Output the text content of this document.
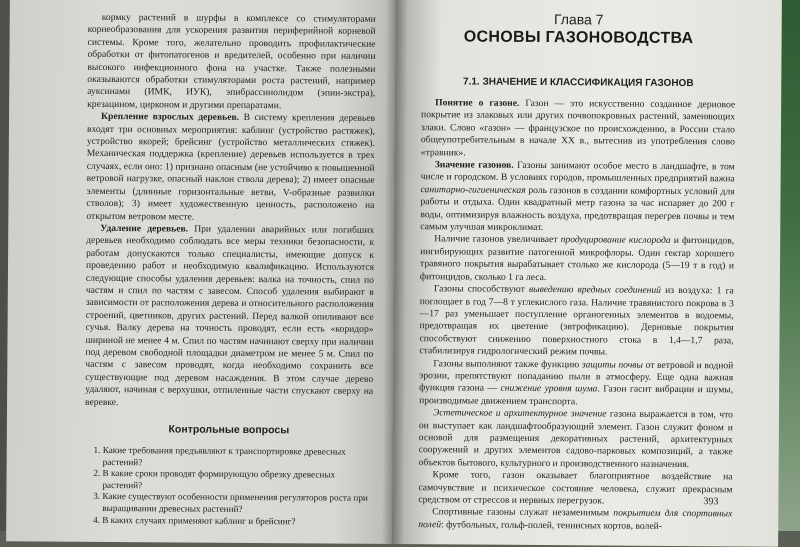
кормку растений в шурфы в комплексе со стимуляторами корнеобразования для ускорения развития периферийной корневой системы. Кроме того, желательно проводить профилактические обработки от фитопатогенов и вредителей, особенно при наличии высокого инфекционного фона на участке. Также полезными оказываются обработки стимуляторами роста растений, например ауксинами (ИМК, ИУК), эпибрассинолидом (эпин-экстра), крезацином, цирконом и другими препаратами.

Крепление взрослых деревьев. В систему крепления деревьев входят три основных мероприятия: каблинг (устройство растяжек), устройство якорей; брейсинг (устройство металлических стяжек). Механическая поддержка (крепление) деревьев используется в трех случаях, если оно: 1) признано опасным (не устойчиво к повышенной ветровой нагрузке, опасный наклон ствола дерева); 2) имеет опасные элементы (длинные горизонтальные ветви, V-образные развилки стволов); 3) имеет художественную ценность, расположено на открытом ветровом месте.

Удаление деревьев. При удалении аварийных или погибших деревьев необходимо соблюдать все меры техники безопасности, к работам допускаются только специалисты, имеющие допуск к проведению работ и необходимую квалификацию. Используются следующие способы удаления деревьев: валка на точность, спил по частям и спил по частям с завесом. Способ удаления выбирают в зависимости от расположения дерева и относительного расположения строений, цветников, других растений. Перед валкой опиливают все сучья. Валку дерева на точность проводят, если есть «коридор» шириной не менее 4 м. Спил по частям начинают сверху при наличии под деревом свободной площадки диаметром не менее 5 м. Спил по частям с завесом проводят, когда необходимо сохранить все существующие под деревом насаждения. В этом случае дерево удаляют, начиная с верхушки, отпиленные части спускают сверху на веревке.

Контрольные вопросы
1. Какие требования предъявляют к транспортировке древесных растений?
2. В какие сроки проводят формирующую обрезку древесных растений?
3. Какие существуют особенности применения регуляторов роста при выращивании древесных растений?
4. В каких случаях применяют каблинг и брейсинг?
Глава 7
ОСНОВЫ ГАЗОНОВОДСТВА
7.1. ЗНАЧЕНИЕ И КЛАССИФИКАЦИЯ ГАЗОНОВ

Понятие о газоне. Газон — это искусственно созданное дерновое покрытие из злаковых или других почвопокровных растений, заменяющих злаки. Слово «газон» — французское по происхождению, в России стало общеупотребительным в начале XX в., вытеснив из употребления слово «травник».

Значение газонов. Газоны занимают особое место в ландшафте, в том числе и городском. В условиях городов, промышленных предприятий важна санитарно-гигиеническая роль газонов в создании комфортных условий для работы и отдыха. Один квадратный метр газона за час испаряет до 200 г воды, оптимизируя влажность воздуха, предотвращая перегрев почвы и тем самым улучшая микроклимат.

Наличие газонов увеличивает продуцирование кислорода и фитонцидов, ингибирующих развитие патогенной микрофлоры. Один гектар хорошего травяного покрытия вырабатывает столько же кислорода (5—19 т в год) и фитонцидов, сколько 1 га леса.

Газоны способствуют выведению вредных соединений из воздуха: 1 га поглощает в год 7—8 т углекислого газа. Наличие травянистого покрова в 3—17 раз уменьшает поступление органогенных элементов в водоемы, предотвращая их цветение (эвтрофикацию). Дерновые покрытия способствуют снижению поверхностного стока в 1,4—1,7 раза, стабилизируя гидрологический режим почвы.

Газоны выполняют также функцию защиты почвы от ветровой и водной эрозии, препятствуют попаданию пыли в атмосферу. Еще одна важная функция газона — снижение уровня шума. Газон гасит вибрации и шумы, производимые движением транспорта.

Эстетическое и архитектурное значение газона выражается в том, что он выступает как ландшафтообразующий элемент. Газон служит фоном и основой для размещения декоративных растений, архитектурных сооружений и других элементов садово-парковых композиций, а также объектов бытового, культурного и производственного назначения.

Кроме того, газон оказывает благоприятное воздействие на самочувствие и психическое состояние человека, служит прекрасным средством от стрессов и нервных перегрузок.

Спортивные газоны служат незаменимым покрытием для спортивных полей: футбольных, гольф-полей, теннисных кортов, волей-

393
